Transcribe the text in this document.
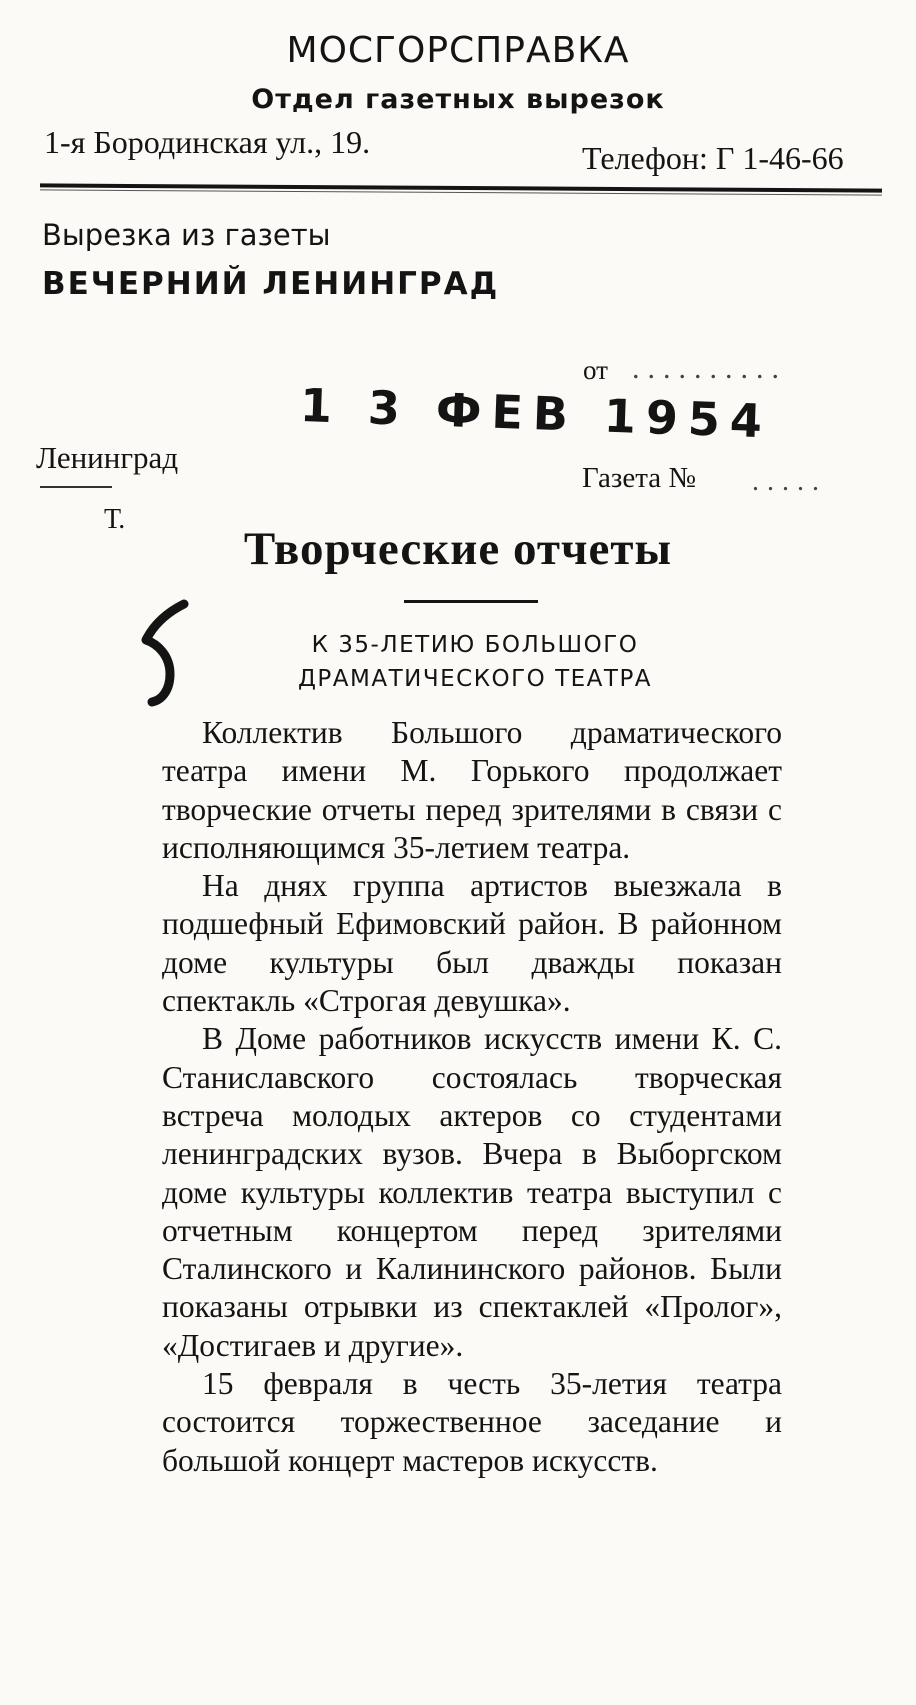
МОСГОРСПРАВКА
Отдел газетных вырезок
1-я Бородинская ул., 19.	Телефон: Г 1-46-66
Вырезка из газеты
ВЕЧЕРНИЙ ЛЕНИНГРАД
от ..........
1 3 ФЕВ 1954
Ленинград
Газета № .....
Т.
Творческие отчеты
5
К 35-ЛЕТИЮ БОЛЬШОГО
ДРАМАТИЧЕСКОГО ТЕАТРА

Коллектив Большого драматического театра имени М. Горького продолжает творческие отчеты перед зрителями в связи с исполняющимся 35-летием театра.

На днях группа артистов выезжала в подшефный Ефимовский район. В районном доме культуры был дважды показан спектакль «Строгая девушка».

В Доме работников искусств имени К. С. Станиславского состоялась творческая встреча молодых актеров со студентами ленинградских вузов. Вчера в Выборгском доме культуры коллектив театра выступил с отчетным концертом перед зрителями Сталинского и Калининского районов. Были показаны отрывки из спектаклей «Пролог», «Достигаев и другие».

15 февраля в честь 35-летия театра состоится торжественное заседание и большой концерт мастеров искусств.
